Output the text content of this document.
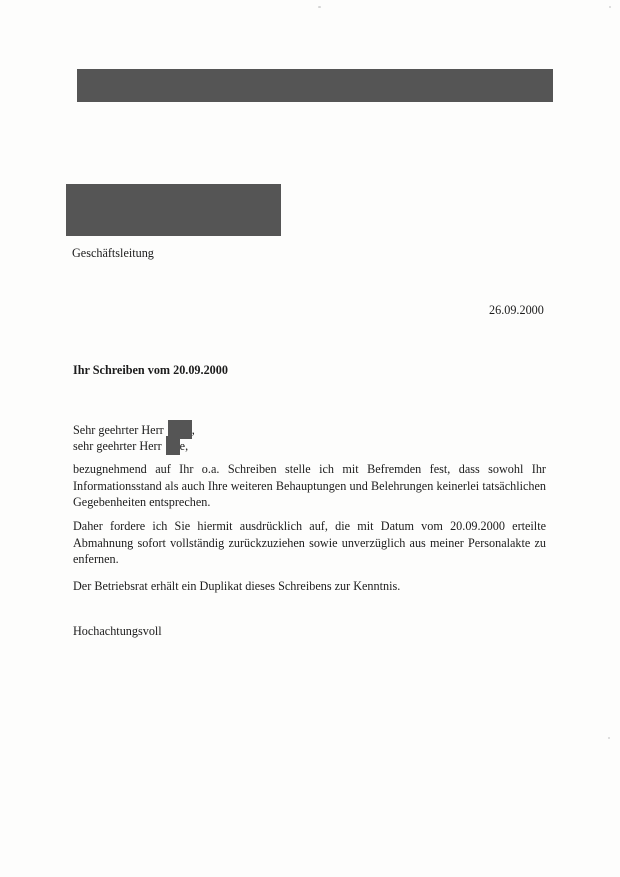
Geschäftsleitung
26.09.2000
Ihr Schreiben vom 20.09.2000
Sehr geehrter Herr ,
sehr geehrter Herr e,
bezugnehmend auf Ihr o.a. Schreiben stelle ich mit Befremden fest, dass sowohl Ihr Informationsstand als auch Ihre weiteren Behauptungen und Belehrungen keinerlei tatsächlichen Gegebenheiten entsprechen.
Daher fordere ich Sie hiermit ausdrücklich auf, die mit Datum vom 20.09.2000 erteilte Abmahnung sofort vollständig zurückzuziehen sowie unverzüglich aus meiner Personalakte zu enfernen.
Der Betriebsrat erhält ein Duplikat dieses Schreibens zur Kenntnis.
Hochachtungsvoll
